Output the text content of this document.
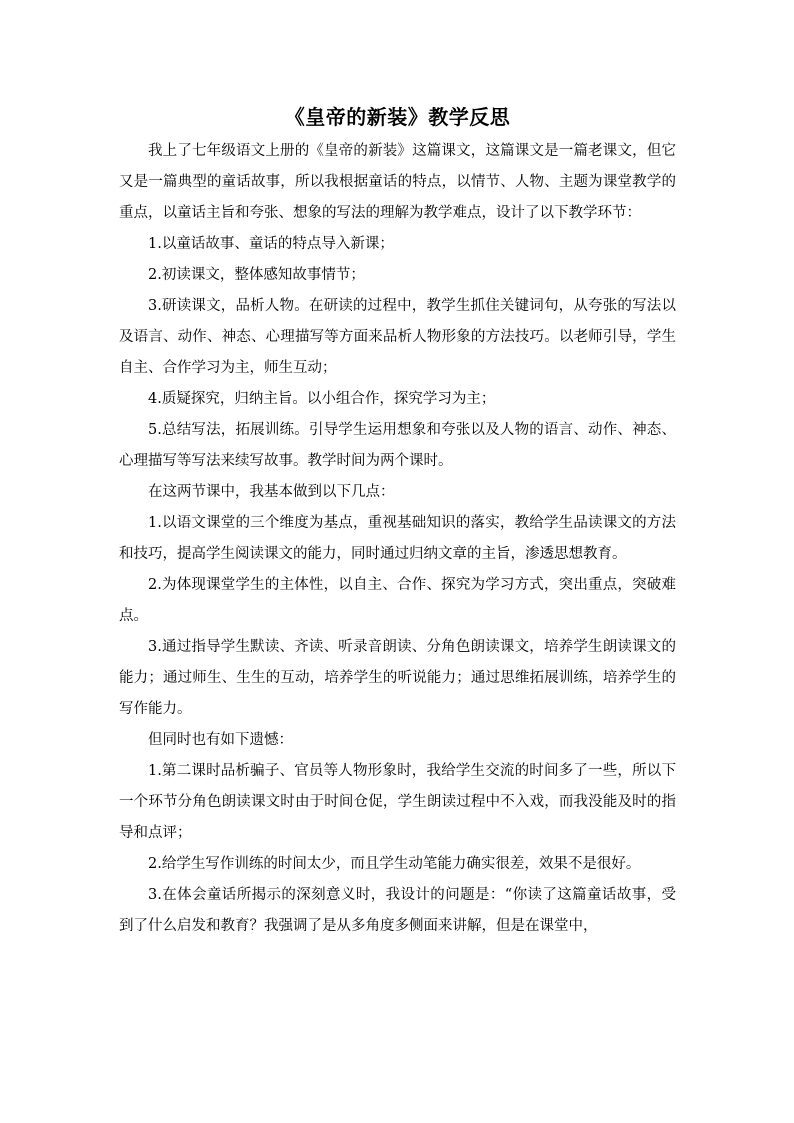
《皇帝的新装》教学反思

我上了七年级语文上册的《皇帝的新装》这篇课文，这篇课文是一篇老课文，但它又是一篇典型的童话故事，所以我根据童话的特点，以情节、人物、主题为课堂教学的重点，以童话主旨和夸张、想象的写法的理解为教学难点，设计了以下教学环节：

1.以童话故事、童话的特点导入新课；

2.初读课文，整体感知故事情节；

3.研读课文，品析人物。在研读的过程中，教学生抓住关键词句，从夸张的写法以及语言、动作、神态、心理描写等方面来品析人物形象的方法技巧。以老师引导，学生自主、合作学习为主，师生互动；

4.质疑探究，归纳主旨。以小组合作，探究学习为主；

5.总结写法，拓展训练。引导学生运用想象和夸张以及人物的语言、动作、神态、心理描写等写法来续写故事。教学时间为两个课时。

在这两节课中，我基本做到以下几点：

1.以语文课堂的三个维度为基点，重视基础知识的落实，教给学生品读课文的方法和技巧，提高学生阅读课文的能力，同时通过归纳文章的主旨，渗透思想教育。

2.为体现课堂学生的主体性，以自主、合作、探究为学习方式，突出重点，突破难点。

3.通过指导学生默读、齐读、听录音朗读、分角色朗读课文，培养学生朗读课文的能力；通过师生、生生的互动，培养学生的听说能力；通过思维拓展训练，培养学生的写作能力。

但同时也有如下遗憾：

1.第二课时品析骗子、官员等人物形象时，我给学生交流的时间多了一些，所以下一个环节分角色朗读课文时由于时间仓促，学生朗读过程中不入戏，而我没能及时的指导和点评；

2.给学生写作训练的时间太少，而且学生动笔能力确实很差，效果不是很好。

3.在体会童话所揭示的深刻意义时，我设计的问题是：“你读了这篇童话故事，受到了什么启发和教育？我强调了是从多角度多侧面来讲解，但是在课堂中，
